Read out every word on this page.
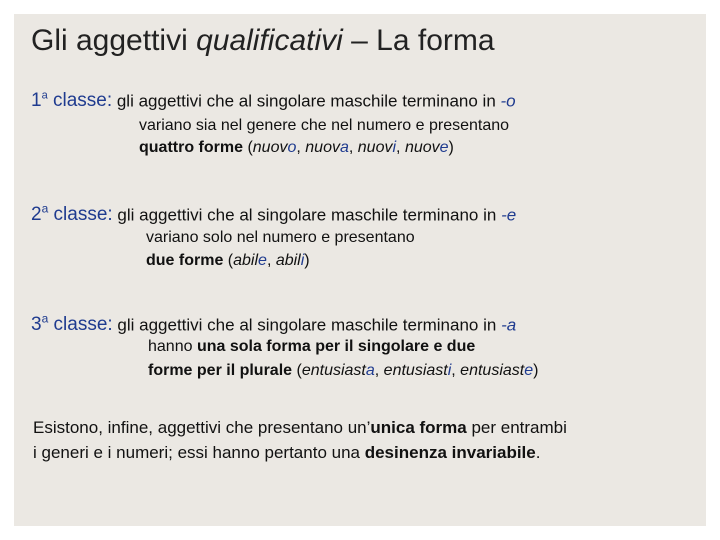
Gli aggettivi qualificativi – La forma
1$^a$ classe: gli aggettivi che al singolare maschile terminano in -o
variano sia nel genere che nel numero e presentano
quattro forme (nuovo, nuova, nuovi, nuove)
2$^a$ classe: gli aggettivi che al singolare maschile terminano in -e
variano solo nel numero e presentano
due forme (abile, abili)
3$^a$ classe: gli aggettivi che al singolare maschile terminano in -a
hanno una sola forma per il singolare e due
forme per il plurale (entusiasta, entusiasti, entusiaste)
Esistono, infine, aggettivi che presentano un’unica forma per entrambi
i generi e i numeri; essi hanno pertanto una desinenza invariabile.
